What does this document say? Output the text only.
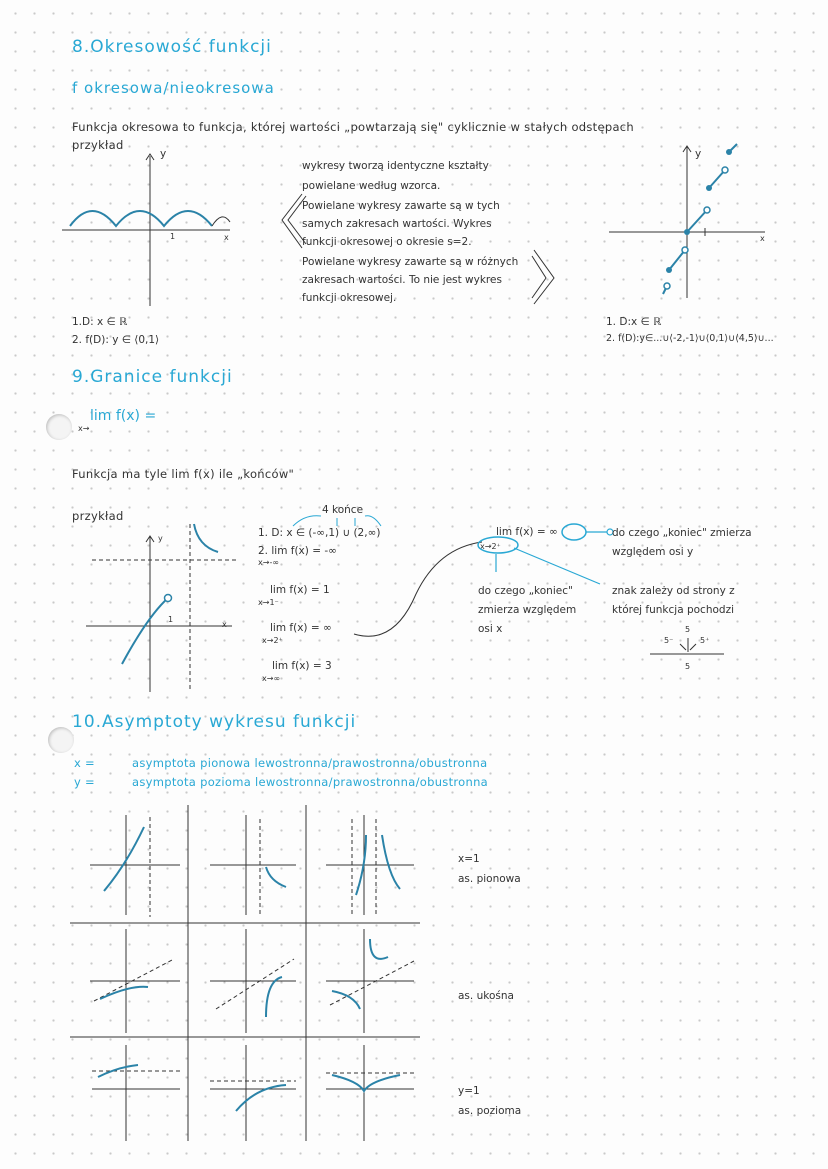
8.Okresowość funkcji
f okresowa/nieokresowa
Funkcja okresowa to funkcja, której wartości „powtarzają się" cyklicznie w stałych odstępach
przykład
y
1	x
wykresy tworzą identyczne kształty
powielane według wzorca.
Powielane wykresy zawarte są w tych
samych zakresach wartości. Wykres
funkcji okresowej o okresie s=2.
Powielane wykresy zawarte są w różnych
zakresach wartości. To nie jest wykres
funkcji okresowej.
y
x
1.D: x ∈ ℝ
2. f(D): y ∈ ⟨0,1⟩
1. D:x ∈ ℝ
2. f(D):y∈...∪⟨-2,-1⟩∪⟨0,1⟩∪⟨4,5⟩∪...
9.Granice funkcji
lim f(x) =
x→
Funkcja ma tyle lim f(x) ile „końców"
przykład
y
1
x
4 końce
1. D: x ∈ (-∞,1) ∪ (2,∞)
2. lim f(x) = -∞
x→-∞
lim f(x) = 1
x→1⁻
lim f(x) = ∞
x→2⁺
lim f(x) = 3
x→∞
lim f(x) = ∞
x→2⁺
do czego „koniec" zmierza
względem osi y
do czego „koniec"
zmierza względem
osi x
znak zależy od strony z
której funkcja pochodzi
5
5⁻	5⁺
5
10.Asymptoty wykresu funkcji
x =	asymptota pionowa lewostronna/prawostronna/obustronna
y =	asymptota pozioma lewostronna/prawostronna/obustronna
x=1
as. pionowa
as. ukośna
y=1
as. pozioma
